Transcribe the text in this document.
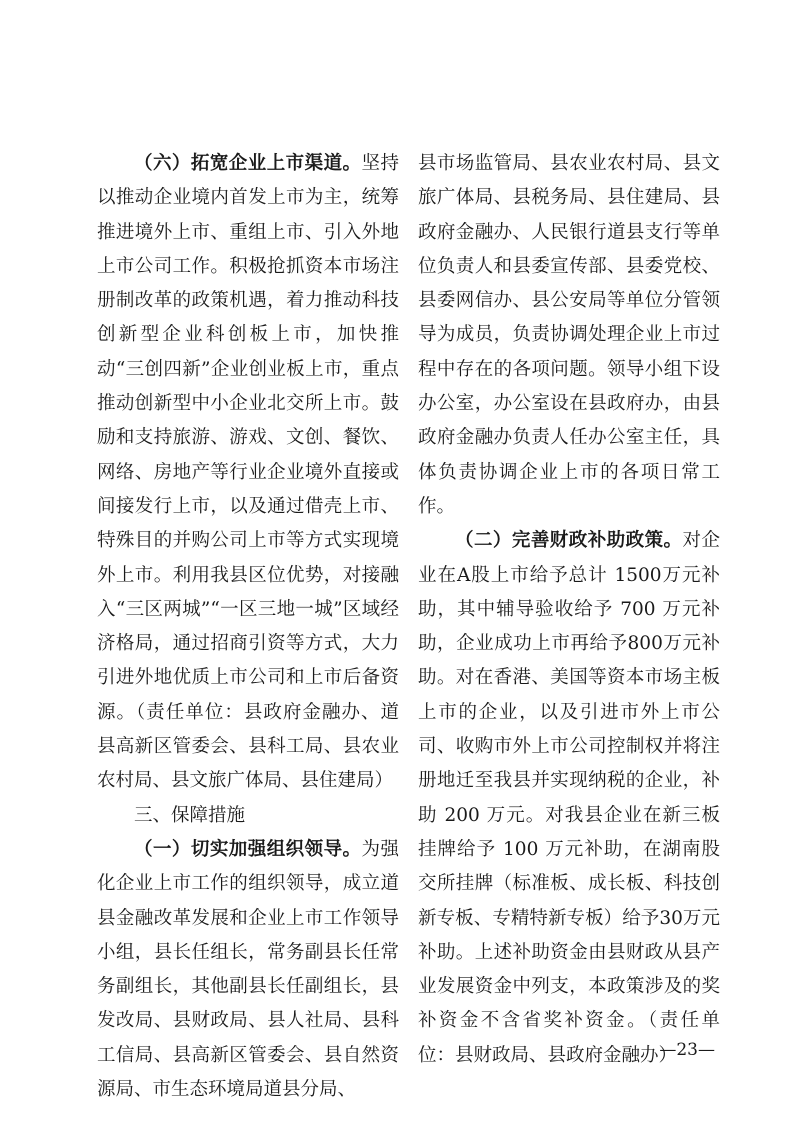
（六）拓宽企业上市渠道。坚持以推动企业境内首发上市为主，统筹推进境外上市、重组上市、引入外地上市公司工作。积极抢抓资本市场注册制改革的政策机遇，着力推动科技创新型企业科创板上市，加快推动“三创四新”企业创业板上市，重点推动创新型中小企业北交所上市。鼓励和支持旅游、游戏、文创、餐饮、网络、房地产等行业企业境外直接或间接发行上市，以及通过借壳上市、特殊目的并购公司上市等方式实现境外上市。利用我县区位优势，对接融入“三区两城”“一区三地一城”区域经济格局，通过招商引资等方式，大力引进外地优质上市公司和上市后备资源。（责任单位：县政府金融办、道县高新区管委会、县科工局、县农业农村局、县文旅广体局、县住建局）

三、保障措施

（一）切实加强组织领导。为强化企业上市工作的组织领导，成立道县金融改革发展和企业上市工作领导小组，县长任组长，常务副县长任常务副组长，其他副县长任副组长，县发改局、县财政局、县人社局、县科工信局、县高新区管委会、县自然资源局、市生态环境局道县分局、

县市场监管局、县农业农村局、县文旅广体局、县税务局、县住建局、县政府金融办、人民银行道县支行等单位负责人和县委宣传部、县委党校、县委网信办、县公安局等单位分管领导为成员，负责协调处理企业上市过程中存在的各项问题。领导小组下设办公室，办公室设在县政府办，由县政府金融办负责人任办公室主任，具体负责协调企业上市的各项日常工作。

（二）完善财政补助政策。对企业在A股上市给予总计 1500万元补助，其中辅导验收给予 700 万元补助，企业成功上市再给予800万元补助。对在香港、美国等资本市场主板上市的企业，以及引进市外上市公司、收购市外上市公司控制权并将注册地迁至我县并实现纳税的企业，补助 200 万元。对我县企业在新三板挂牌给予 100 万元补助，在湖南股交所挂牌（标准板、成长板、科技创新专板、专精特新专板）给予30万元补助。上述补助资金由县财政从县产业发展资金中列支，本政策涉及的奖补资金不含省奖补资金。（责任单位：县财政局、县政府金融办）

—23—
